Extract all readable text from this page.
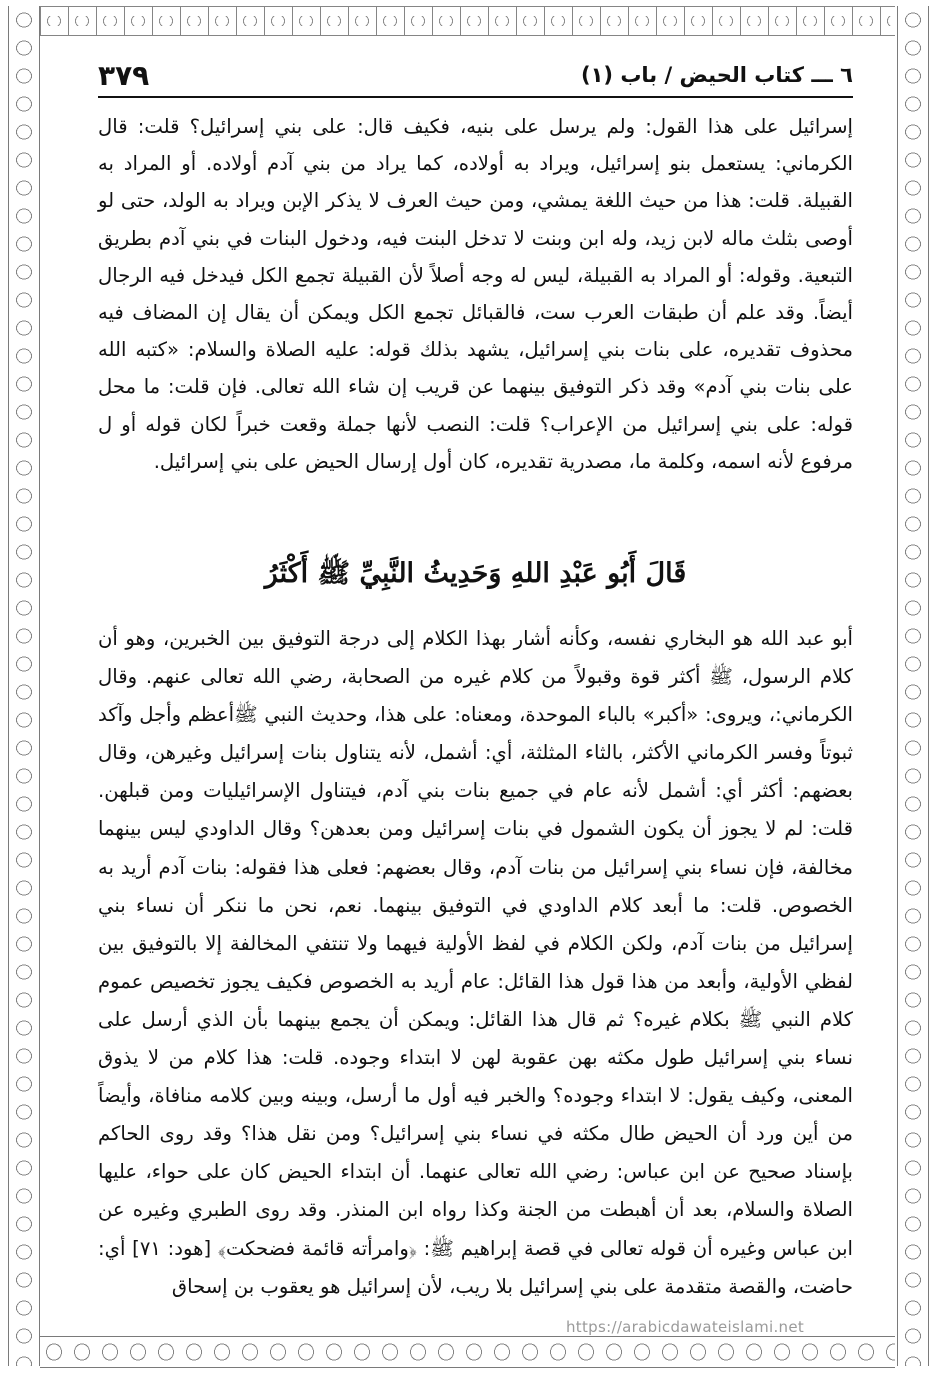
٦ ـــ كتاب الحيض / باب (١)
٣٧٩

إسرائيل على هذا القول: ولم يرسل على بنيه، فكيف قال: على بني إسرائيل؟ قلت: قال الكرماني: يستعمل بنو إسرائيل، ويراد به أولاده، كما يراد من بني آدم أولاده. أو المراد به القبيلة. قلت: هذا من حيث اللغة يمشي، ومن حيث العرف لا يذكر الإبن ويراد به الولد، حتى لو أوصى بثلث ماله لابن زيد، وله ابن وبنت لا تدخل البنت فيه، ودخول البنات في بني آدم بطريق التبعية. وقوله: أو المراد به القبيلة، ليس له وجه أصلاً لأن القبيلة تجمع الكل فيدخل فيه الرجال أيضاً. وقد علم أن طبقات العرب ست، فالقبائل تجمع الكل ويمكن أن يقال إن المضاف فيه محذوف تقديره، على بنات بني إسرائيل، يشهد بذلك قوله: عليه الصلاة والسلام: «كتبه الله على بنات بني آدم» وقد ذكر التوفيق بينهما عن قريب إن شاء الله تعالى. فإن قلت: ما محل قوله: على بني إسرائيل من الإعراب؟ قلت: النصب لأنها جملة وقعت خبراً لكان قوله أو ل مرفوع لأنه اسمه، وكلمة ما، مصدرية تقديره، كان أول إرسال الحيض على بني إسرائيل.

قَالَ أَبُو عَبْدِ اللهِ وَحَدِيثُ النَّبِيِّ ﷺ أَكْثَرُ

أبو عبد الله هو البخاري نفسه، وكأنه أشار بهذا الكلام إلى درجة التوفيق بين الخبرين، وهو أن كلام الرسول، ﷺ أكثر قوة وقبولاً من كلام غيره من الصحابة، رضي الله تعالى عنهم. وقال الكرماني:، ويروى: «أكبر» بالباء الموحدة، ومعناه: على هذا، وحديث النبي ﷺأعظم وأجل وآكد ثبوتاً وفسر الكرماني الأكثر، بالثاء المثلثة، أي: أشمل، لأنه يتناول بنات إسرائيل وغيرهن، وقال بعضهم: أكثر أي: أشمل لأنه عام في جميع بنات بني آدم، فيتناول الإسرائيليات ومن قبلهن. قلت: لم لا يجوز أن يكون الشمول في بنات إسرائيل ومن بعدهن؟ وقال الداودي ليس بينهما مخالفة، فإن نساء بني إسرائيل من بنات آدم، وقال بعضهم: فعلى هذا فقوله: بنات آدم أريد به الخصوص. قلت: ما أبعد كلام الداودي في التوفيق بينهما. نعم، نحن ما ننكر أن نساء بني إسرائيل من بنات آدم، ولكن الكلام في لفظ الأولية فيهما ولا تنتفي المخالفة إلا بالتوفيق بين لفظي الأولية، وأبعد من هذا قول هذا القائل: عام أريد به الخصوص فكيف يجوز تخصيص عموم كلام النبي ﷺ بكلام غيره؟ ثم قال هذا القائل: ويمكن أن يجمع بينهما بأن الذي أرسل على نساء بني إسرائيل طول مكثه بهن عقوبة لهن لا ابتداء وجوده. قلت: هذا كلام من لا يذوق المعنى، وكيف يقول: لا ابتداء وجوده؟ والخبر فيه أول ما أرسل، وبينه وبين كلامه منافاة، وأيضاً من أين ورد أن الحيض طال مكثه في نساء بني إسرائيل؟ ومن نقل هذا؟ وقد روى الحاكم بإسناد صحيح عن ابن عباس: رضي الله تعالى عنهما. أن ابتداء الحيض كان على حواء، عليها الصلاة والسلام، بعد أن أهبطت من الجنة وكذا رواه ابن المنذر. وقد روى الطبري وغيره عن ابن عباس وغيره أن قوله تعالى في قصة إبراهيم ﷺ: ﴿وامرأته قائمة فضحكت﴾ [هود: ٧١] أي: حاضت، والقصة متقدمة على بني إسرائيل بلا ريب، لأن إسرائيل هو يعقوب بن إسحاق

https://arabicdawateislami.net
